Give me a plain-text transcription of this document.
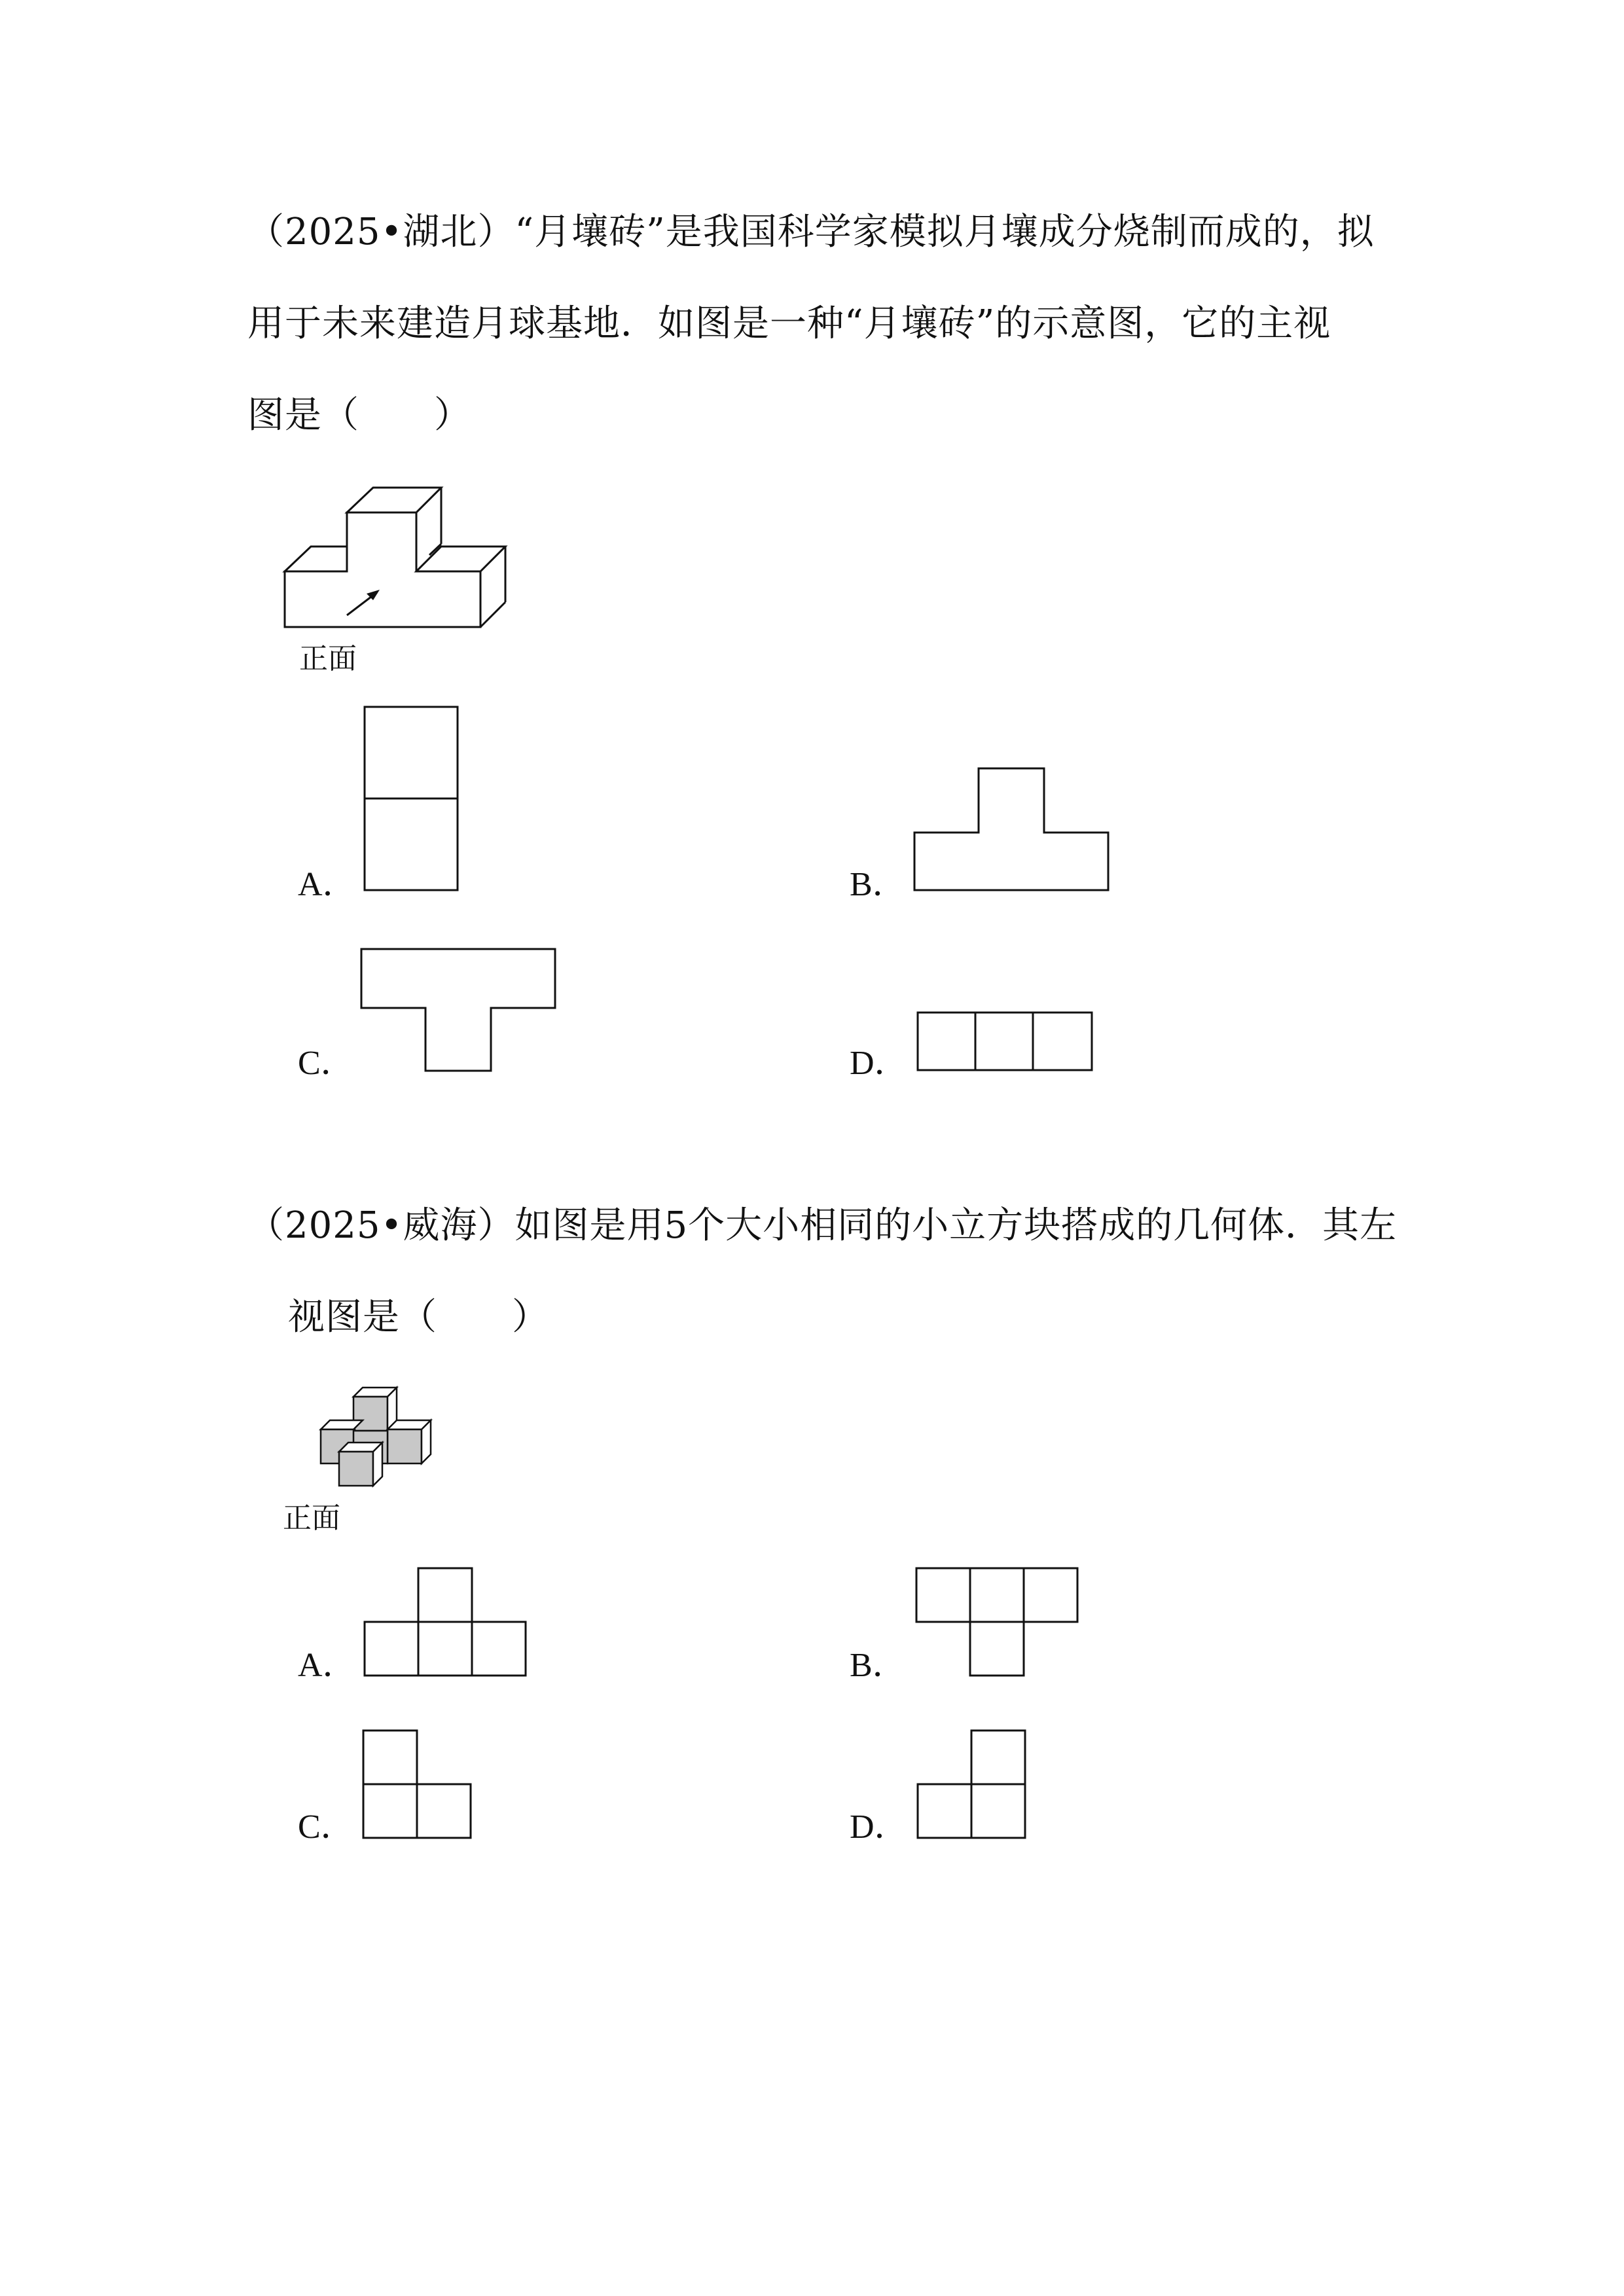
（2025•湖北）“月壤砖”是我国科学家模拟月壤成分烧制而成的，拟
用于未来建造月球基地．如图是一种“月壤砖”的示意图，它的主视
图是（　　）
正面
A．	B．
C．	D．
（2025•威海）如图是用5个大小相同的小立方块搭成的几何体．其左
视图是（　　）
正面
A．	B．
C．	D．
